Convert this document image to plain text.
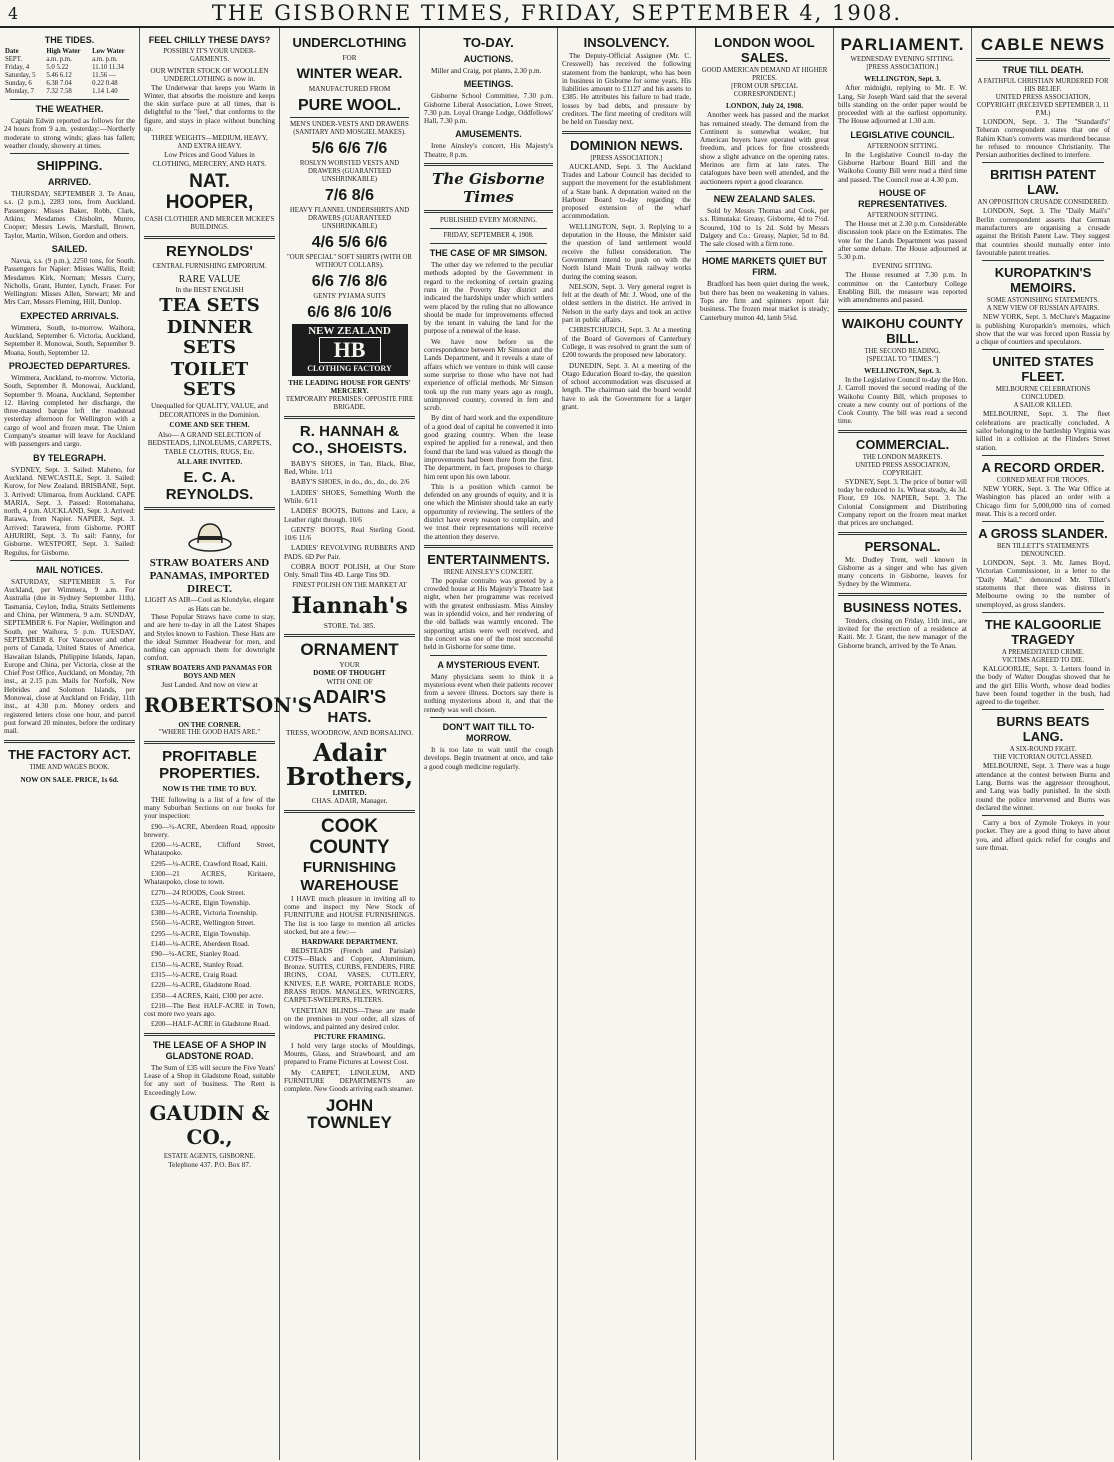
4	THE GISBORNE TIMES, FRIDAY, SEPTEMBER 4, 1908.
THE TIDES.
Date	High Water	Low Water
SEPT.	a.m. p.m.	a.m. p.m.
Friday, 4	5.0 5.22	11.10 11.34
Saturday, 5	5.46 6.12	11.56 —
Sunday, 6	6.38 7.04	0.22 0.48
Monday, 7	7.32 7.58	1.14 1.40
THE WEATHER.
Captain Edwin reported as follows for the 24 hours from 9 a.m. yesterday:—Northerly moderate to strong winds; glass has fallen; weather cloudy, showery at times.
SHIPPING.
ARRIVED.
THURSDAY, SEPTEMBER 3. Te Anau, s.s. (2 p.m.), 2283 tons, from Auckland. Passengers: Misses Baker, Robb, Clark, Atkins; Mesdames Chisholm, Munro, Cooper; Messrs Lewis, Marshall, Brown, Taylor, Martin, Wilson, Gordon and others.
SAILED.
Navua, s.s. (9 p.m.), 2250 tons, for South. Passengers for Napier: Misses Wallis, Reid; Mesdames Kirk, Norman; Messrs Curry, Nicholls, Grant, Hunter, Lynch, Fraser. For Wellington: Misses Allen, Stewart; Mr and Mrs Carr, Messrs Fleming, Hill, Dunlop.
EXPECTED ARRIVALS.
Wimmera, South, to-morrow. Waihora, Auckland, September 6. Victoria, Auckland, September 8. Monowai, South, September 9. Moana, South, September 12.
PROJECTED DEPARTURES.
Wimmera, Auckland, to-morrow. Victoria, South, September 8. Monowai, Auckland, September 9. Moana, Auckland, September 12. Having completed her discharge, the three-masted barque left the roadstead yesterday afternoon for Wellington with a cargo of wool and frozen meat. The Union Company's steamer will leave for Auckland with passengers and cargo.
BY TELEGRAPH.
SYDNEY, Sept. 3. Sailed: Maheno, for Auckland. NEWCASTLE, Sept. 3. Sailed: Kurow, for New Zealand. BRISBANE, Sept. 3. Arrived: Ulimaroa, from Auckland. CAPE MARIA, Sept. 3. Passed: Rotomahana, north, 4 p.m. AUCKLAND, Sept. 3. Arrived: Rarawa, from Napier. NAPIER, Sept. 3. Arrived: Tarawera, from Gisborne. PORT AHURIRI, Sept. 3. To sail: Fanny, for Gisborne. WESTPORT, Sept. 3. Sailed: Regulus, for Gisborne.
MAIL NOTICES.
SATURDAY, SEPTEMBER 5. For Auckland, per Wimmera, 9 a.m. For Australia (due in Sydney September 11th), Tasmania, Ceylon, India, Straits Settlements and China, per Wimmera, 9 a.m. SUNDAY, SEPTEMBER 6. For Napier, Wellington and South, per Waihora, 5 p.m. TUESDAY, SEPTEMBER 8. For Vancouver and other ports of Canada, United States of America, Hawaiian Islands, Philippine Islands, Japan, Europe and China, per Victoria, close at the Chief Post Office, Auckland, on Monday, 7th inst., at 2.15 p.m. Mails for Norfolk, New Hebrides and Solomon Islands, per Monowai, close at Auckland on Friday, 11th inst., at 4.30 p.m. Money orders and registered letters close one hour, and parcel post forward 20 minutes, before the ordinary mail.
THE FACTORY ACT.
TIME AND WAGES BOOK.
NOW ON SALE. PRICE, 1s 6d.
FEEL CHILLY THESE DAYS?
POSSIBLY IT'S YOUR UNDER-GARMENTS.
OUR WINTER STOCK OF WOOLLEN UNDERCLOTHING is now in.
The Underwear that keeps you Warm in Winter, that absorbs the moisture and keeps the skin surface pure at all times, that is delightful to the "feel," that conforms to the figure, and stays in place without bunching up.
THREE WEIGHTS—MEDIUM, HEAVY, AND EXTRA HEAVY.
Low Prices and Good Values in CLOTHING, MERCERY, AND HATS.
NAT. HOOPER,
CASH CLOTHIER AND MERCER MCKEE'S BUILDINGS.
REYNOLDS'
CENTRAL FURNISHING EMPORIUM.
RARE VALUE
In the BEST ENGLISH
TEA SETS
DINNER SETS
TOILET SETS
Unequalled for QUALITY, VALUE, and DECORATIONS in the Dominion.
COME AND SEE THEM.
Also— A GRAND SELECTION of BEDSTEADS, LINOLEUMS, CARPETS, TABLE CLOTHS, RUGS, Etc.
ALL ARE INVITED.
E. C. A. REYNOLDS.
STRAW BOATERS AND PANAMAS, IMPORTED DIRECT.
LIGHT AS AIR—Cool as Klondyke, elegant as Hats can be.
These Popular Straws have come to stay, and are here to-day in all the Latest Shapes and Styles known to Fashion. These Hats are the ideal Summer Headwear for men, and nothing can approach them for downright comfort.
STRAW BOATERS AND PANAMAS FOR BOYS AND MEN
Just Landed. And now on view at
ROBERTSON'S
ON THE CORNER.
"WHERE THE GOOD HATS ARE."
PROFITABLE PROPERTIES.
NOW IS THE TIME TO BUY.
THE following is a list of a few of the many Suburban Sections on our books for your inspection:
£90—½-ACRE, Aberdeen Road, opposite brewery.
£200—½-ACRE, Clifford Street, Whataupoko.
£295—¼-ACRE, Crawford Road, Kaiti.
£300—21 ACRES, Kiritaere, Whataupoko, close to town.
£270—24 ROODS, Cook Street.
£325—½-ACRE, Elgin Township.
£380—½-ACRE, Victoria Township.
£560—½-ACRE, Wellington Street.
£295—¼-ACRE, Elgin Township.
£140—¼-ACRE, Aberdeen Road.
£90—¼-ACRE, Stanley Road.
£150—¼-ACRE, Stanley Road.
£315—½-ACRE, Craig Road.
£220—¼-ACRE, Gladstone Road.
£350—4 ACRES, Kaiti, £300 per acre.
£210—The Best HALF-ACRE in Town, cost more two years ago.
£200—HALF-ACRE in Gladstone Road.
THE LEASE OF A SHOP IN GLADSTONE ROAD.
The Sum of £35 will secure the Five Years' Lease of a Shop in Gladstone Road, suitable for any sort of business. The Rent is Exceedingly Low.
GAUDIN & CO.,
ESTATE AGENTS, GISBORNE.
Telephone 437. P.O. Box 87.
UNDERCLOTHING
FOR
WINTER WEAR.
MANUFACTURED FROM
PURE WOOL.
MEN'S UNDER-VESTS AND DRAWERS (SANITARY AND MOSGIEL MAKES).
5/6 6/6 7/6
ROSLYN WORSTED VESTS AND DRAWERS (GUARANTEED UNSHRINKABLE)
7/6 8/6
HEAVY FLANNEL UNDERSHIRTS AND DRAWERS (GUARANTEED UNSHRINKABLE)
4/6 5/6 6/6
"OUR SPECIAL" SOFT SHIRTS (WITH OR WITHOUT COLLARS).
6/6 7/6 8/6
GENTS' PYJAMA SUITS
6/6 8/6 10/6
NEW ZEALAND
HB
CLOTHING FACTORY
THE LEADING HOUSE FOR GENTS' MERCERY.
TEMPORARY PREMISES: OPPOSITE FIRE BRIGADE.
R. HANNAH & CO., SHOEISTS.
BABY'S SHOES, in Tan, Black, Blue, Red, White. 1/11
BABY'S SHOES, in do., do., do., do. 2/6
LADIES' SHOES, Something Worth the While. 6/11
LADIES' BOOTS, Buttons and Lace, a Leather right through. 10/6
GENTS' BOOTS, Real Sterling Good. 10/6 11/6
LADIES' REVOLVING RUBBERS AND PADS. 6D Per Pair.
COBRA BOOT POLISH, at Our Store Only. Small Tins 4D. Large Tins 9D.
FINEST POLISH ON THE MARKET AT
Hannah's
STORE. Tel. 385.
ORNAMENT
YOUR
DOME OF THOUGHT
WITH ONE OF
ADAIR'S
HATS.
TRESS, WOODROW, AND BORSALINO.
Adair
Brothers,
LIMITED.
CHAS. ADAIR, Manager.
COOK
COUNTY
FURNISHING
WAREHOUSE
I HAVE much pleasure in inviting all to come and inspect my New Stock of FURNITURE and HOUSE FURNISHINGS. The list is too large to mention all articles stocked, but are a few:—
HARDWARE DEPARTMENT.
BEDSTEADS (French and Parisian) COTS—Black and Copper, Aluminium, Bronze. SUITES, CURBS, FENDERS, FIRE IRONS, COAL VASES, CUTLERY, KNIVES, E.P. WARE, PORTABLE RODS, BRASS RODS. MANGLES, WRINGERS, CARPET-SWEEPERS, FILTERS.
VENETIAN BLINDS—These are made on the premises to your order, all sizes of windows, and painted any desired color.
PICTURE FRAMING.
I hold very large stocks of Mouldings, Mounts, Glass, and Strawboard, and am prepared to Frame Pictures at Lowest Cost.
My CARPET, LINOLEUM, AND FURNITURE DEPARTMENTS are complete. New Goods arriving each steamer.
JOHN TOWNLEY
TO-DAY.
AUCTIONS.
Miller and Craig, pot plants, 2.30 p.m.
MEETINGS.
Gisborne School Committee, 7.30 p.m. Gisborne Liberal Association, Lowe Street, 7.30 p.m. Loyal Orange Lodge, Oddfellows' Hall, 7.30 p.m.
AMUSEMENTS.
Irene Ainsley's concert, His Majesty's Theatre, 8 p.m.
The Gisborne Times
PUBLISHED EVERY MORNING.
FRIDAY, SEPTEMBER 4, 1908.
THE CASE OF MR SIMSON.
The other day we referred to the peculiar methods adopted by the Government in regard to the reckoning of certain grazing runs in the Poverty Bay district and indicated the hardships under which settlers were placed by the ruling that no allowance should be made for improvements effected by the tenant in valuing the land for the purpose of a renewal of the lease.
We have now before us the correspondence between Mr Simson and the Lands Department, and it reveals a state of affairs which we venture to think will cause some surprise to those who have not had experience of official methods. Mr Simson took up the run many years ago as rough, unimproved country, covered in fern and scrub.
By dint of hard work and the expenditure of a good deal of capital he converted it into good grazing country. When the lease expired he applied for a renewal, and then found that the land was valued as though the improvements had been there from the first. The department, in fact, proposes to charge him rent upon his own labour.
This is a position which cannot be defended on any grounds of equity, and it is one which the Minister should take an early opportunity of reviewing. The settlers of the district have every reason to complain, and we trust their representations will receive the attention they deserve.
ENTERTAINMENTS.
IRENE AINSLEY'S CONCERT.
The popular contralto was greeted by a crowded house at His Majesty's Theatre last night, when her programme was received with the greatest enthusiasm. Miss Ainsley was in splendid voice, and her rendering of the old ballads was warmly encored. The supporting artists were well received, and the concert was one of the most successful held in Gisborne for some time.
A MYSTERIOUS EVENT.
Many physicians seem to think it a mysterious event when their patients recover from a severe illness. Doctors say there is nothing mysterious about it, and that the remedy was well chosen.
DON'T WAIT TILL TO-MORROW.
It is too late to wait until the cough develops. Begin treatment at once, and take a good cough medicine regularly.
INSOLVENCY.
The Deputy-Official Assignee (Mr. C. Cresswell) has received the following statement from the bankrupt, who has been in business in Gisborne for some years. His liabilities amount to £1127 and his assets to £385. He attributes his failure to bad trade, losses by bad debts, and pressure by creditors. The first meeting of creditors will be held on Tuesday next.
DOMINION NEWS.
[PRESS ASSOCIATION.]
AUCKLAND, Sept. 3. The Auckland Trades and Labour Council has decided to support the movement for the establishment of a State bank. A deputation waited on the Harbour Board to-day regarding the proposed extension of the wharf accommodation.
WELLINGTON, Sept. 3. Replying to a deputation in the House, the Minister said the question of land settlement would receive the fullest consideration. The Government intend to push on with the North Island Main Trunk railway works during the coming season.
NELSON, Sept. 3. Very general regret is felt at the death of Mr. J. Wood, one of the oldest settlers in the district. He arrived in Nelson in the early days and took an active part in public affairs.
CHRISTCHURCH, Sept. 3. At a meeting of the Board of Governors of Canterbury College, it was resolved to grant the sum of £200 towards the proposed new laboratory.
DUNEDIN, Sept. 3. At a meeting of the Otago Education Board to-day, the question of school accommodation was discussed at length. The chairman said the board would have to ask the Government for a larger grant.
LONDON WOOL SALES.
GOOD AMERICAN DEMAND AT HIGHER PRICES.
[FROM OUR SPECIAL CORRESPONDENT.]
LONDON, July 24, 1908.
Another week has passed and the market has remained steady. The demand from the Continent is somewhat weaker, but American buyers have operated with great freedom, and prices for fine crossbreds show a slight advance on the opening rates. Merinos are firm at late rates. The catalogues have been well attended, and the auctioneers report a good clearance.
NEW ZEALAND SALES.
Sold by Messrs Thomas and Cook, per s.s. Rimutaka: Greasy, Gisborne, 4d to 7½d. Scoured, 10d to 1s 2d. Sold by Messrs Dalgety and Co.: Greasy, Napier, 5d to 8d. The sale closed with a firm tone.
HOME MARKETS QUIET BUT FIRM.
Bradford has been quiet during the week, but there has been no weakening in values. Tops are firm and spinners report fair business. The frozen meat market is steady; Canterbury mutton 4d, lamb 5¾d.
PARLIAMENT.
WEDNESDAY EVENING SITTING.
[PRESS ASSOCIATION.]
WELLINGTON, Sept. 3.
After midnight, replying to Mr. F. W. Lang, Sir Joseph Ward said that the several bills standing on the order paper would be proceeded with at the earliest opportunity. The House adjourned at 1.30 a.m.
LEGISLATIVE COUNCIL.
AFTERNOON SITTING.
In the Legislative Council to-day the Gisborne Harbour Board Bill and the Waikohu County Bill were read a third time and passed. The Council rose at 4.30 p.m.
HOUSE OF REPRESENTATIVES.
AFTERNOON SITTING.
The House met at 2.30 p.m. Considerable discussion took place on the Estimates. The vote for the Lands Department was passed after some debate. The House adjourned at 5.30 p.m.
EVENING SITTING.
The House resumed at 7.30 p.m. In committee on the Canterbury College Enabling Bill, the measure was reported with amendments and passed.
WAIKOHU COUNTY BILL.
THE SECOND READING.
[SPECIAL TO "TIMES."]
WELLINGTON, Sept. 3.
In the Legislative Council to-day the Hon. J. Carroll moved the second reading of the Waikohu County Bill, which proposes to create a new county out of portions of the Cook County. The bill was read a second time.
COMMERCIAL.
THE LONDON MARKETS.
UNITED PRESS ASSOCIATION, COPYRIGHT.
SYDNEY, Sept. 3. The price of butter will today be reduced to 1s. Wheat steady, 4s 3d. Flour, £9 10s. NAPIER, Sept. 3. The Colonial Consignment and Distributing Company report on the frozen meat market that prices are unchanged.
PERSONAL.
Mr. Dudley Trent, well known in Gisborne as a singer and who has given many concerts in Gisborne, leaves for Sydney by the Wimmera.
BUSINESS NOTES.
Tenders, closing on Friday, 11th inst., are invited for the erection of a residence at Kaiti. Mr. J. Grant, the new manager of the Gisborne branch, arrived by the Te Anau.
CABLE NEWS
TRUE TILL DEATH.
A FAITHFUL CHRISTIAN MURDERED FOR HIS BELIEF.
UNITED PRESS ASSOCIATION, COPYRIGHT (RECEIVED SEPTEMBER 3, 11 P.M.)
LONDON, Sept. 3. The "Standard's" Teheran correspondent states that one of Rahim Khan's converts was murdered because he refused to renounce Christianity. The Persian authorities declined to interfere.
BRITISH PATENT LAW.
AN OPPOSITION CRUSADE CONSIDERED.
LONDON, Sept. 3. The "Daily Mail's" Berlin correspondent asserts that German manufacturers are organising a crusade against the British Patent Law. They suggest that countries should mutually enter into favourable patent treaties.
KUROPATKIN'S MEMOIRS.
SOME ASTONISHING STATEMENTS.
A NEW VIEW OF RUSSIAN AFFAIRS.
NEW YORK, Sept. 3. McClure's Magazine is publishing Kuropatkin's memoirs, which show that the war was forced upon Russia by a clique of courtiers and speculators.
UNITED STATES FLEET.
MELBOURNE CELEBRATIONS CONCLUDED.
A SAILOR KILLED.
MELBOURNE, Sept. 3. The fleet celebrations are practically concluded. A sailor belonging to the battleship Virginia was killed in a collision at the Flinders Street station.
A RECORD ORDER.
CORNED MEAT FOR TROOPS.
NEW YORK, Sept. 3. The War Office at Washington has placed an order with a Chicago firm for 5,000,000 tins of corned meat. This is a record order.
A GROSS SLANDER.
BEN TILLETT'S STATEMENTS DENOUNCED.
LONDON, Sept. 3. Mr. James Boyd, Victorian Commissioner, in a letter to the "Daily Mail," denounced Mr. Tillett's statements that there was distress in Melbourne owing to the number of unemployed, as gross slanders.
THE KALGOORLIE TRAGEDY
A PREMEDITATED CRIME.
VICTIMS AGREED TO DIE.
KALGOORLIE, Sept. 3. Letters found in the body of Walter Douglas showed that he and the girl Ellis Worth, whose dead bodies have been found together in the bush, had agreed to die together.
BURNS BEATS LANG.
A SIX-ROUND FIGHT.
THE VICTORIAN OUTCLASSED.
MELBOURNE, Sept. 3. There was a huge attendance at the contest between Burns and Lang. Burns was the aggressor throughout, and Lang was badly punished. In the sixth round the police intervened and Burns was declared the winner.
Carry a box of Zymole Trokeys in your pocket. They are a good thing to have about you, and afford quick relief for coughs and sore throat.
